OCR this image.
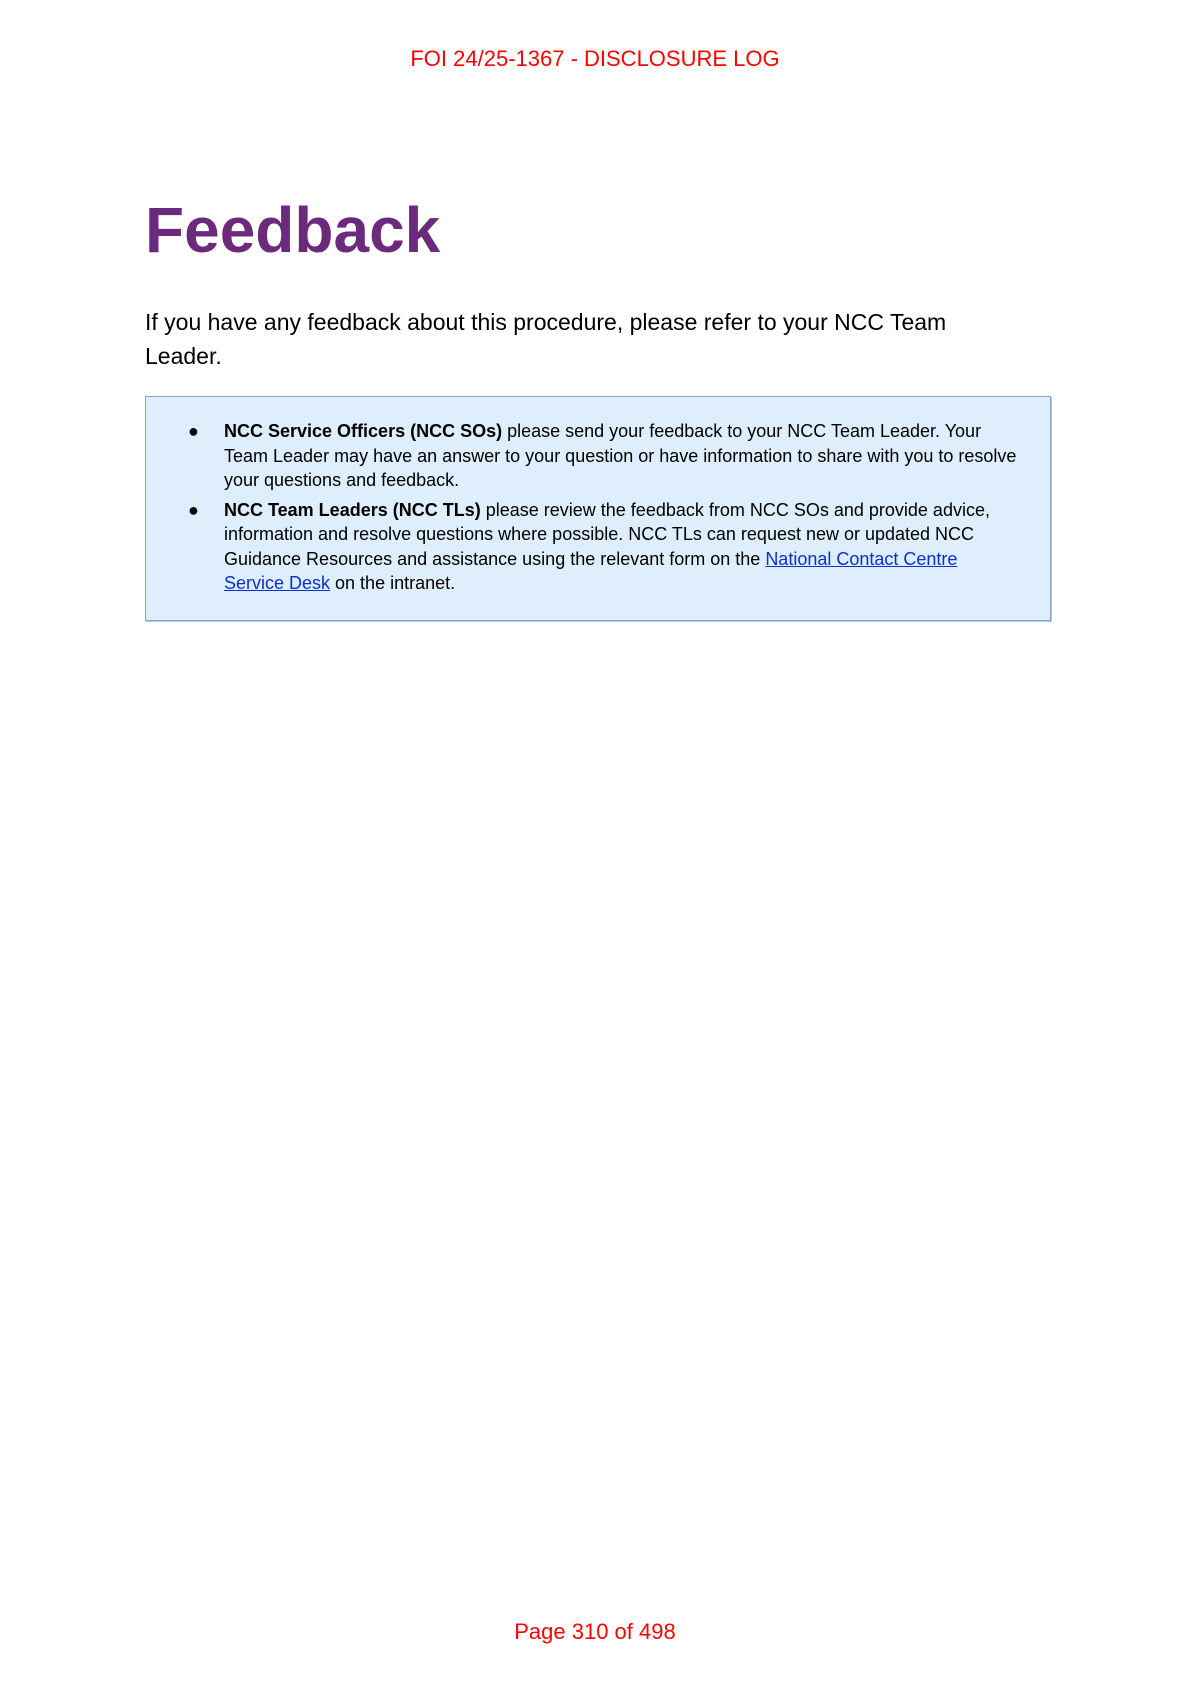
FOI 24/25-1367 - DISCLOSURE LOG
Feedback

If you have any feedback about this procedure, please refer to your NCC Team Leader.

● NCC Service Officers (NCC SOs) please send your feedback to your NCC Team Leader. Your Team Leader may have an answer to your question or have information to share with you to resolve your questions and feedback.
● NCC Team Leaders (NCC TLs) please review the feedback from NCC SOs and provide advice, information and resolve questions where possible. NCC TLs can request new or updated NCC Guidance Resources and assistance using the relevant form on the National Contact Centre Service Desk on the intranet.
Page 310 of 498
